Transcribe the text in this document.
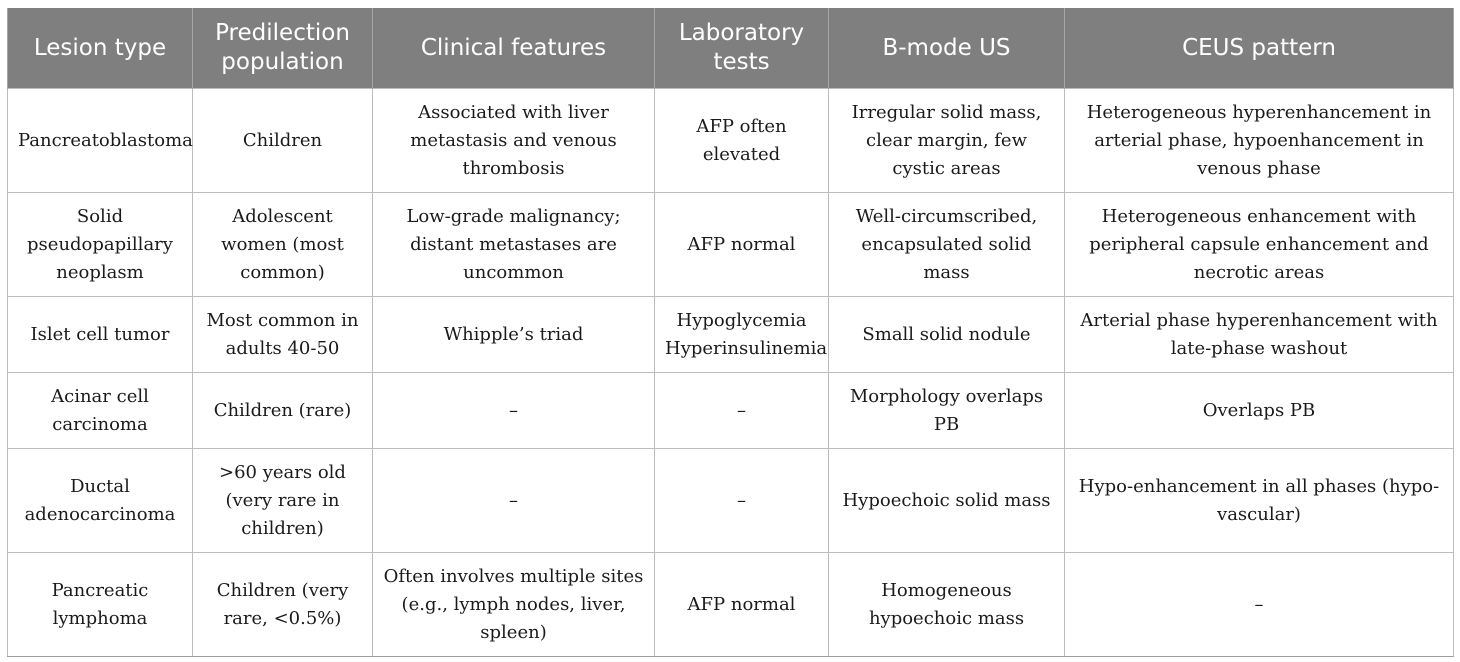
Lesion type	Predilection population	Clinical features	Laboratory tests	B-mode US	CEUS pattern
Pancreatoblastoma	Children	Associated with liver metastasis and venous thrombosis	AFP often elevated	Irregular solid mass, clear margin, few cystic areas	Heterogeneous hyperenhancement in arterial phase, hypoenhancement in venous phase
Solid pseudopapillary neoplasm	Adolescent women (most common)	Low-grade malignancy; distant metastases are uncommon	AFP normal	Well-circumscribed, encapsulated solid mass	Heterogeneous enhancement with peripheral capsule enhancement and necrotic areas
Islet cell tumor	Most common in adults 40-50	Whipple’s triad	Hypoglycemia Hyperinsulinemia	Small solid nodule	Arterial phase hyperenhancement with late-phase washout
Acinar cell carcinoma	Children (rare)	–	–	Morphology overlaps PB	Overlaps PB
Ductal adenocarcinoma	>60 years old (very rare in children)	–	–	Hypoechoic solid mass	Hypo-enhancement in all phases (hypo-vascular)
Pancreatic lymphoma	Children (very rare, <0.5%)	Often involves multiple sites (e.g., lymph nodes, liver, spleen)	AFP normal	Homogeneous hypoechoic mass	–
